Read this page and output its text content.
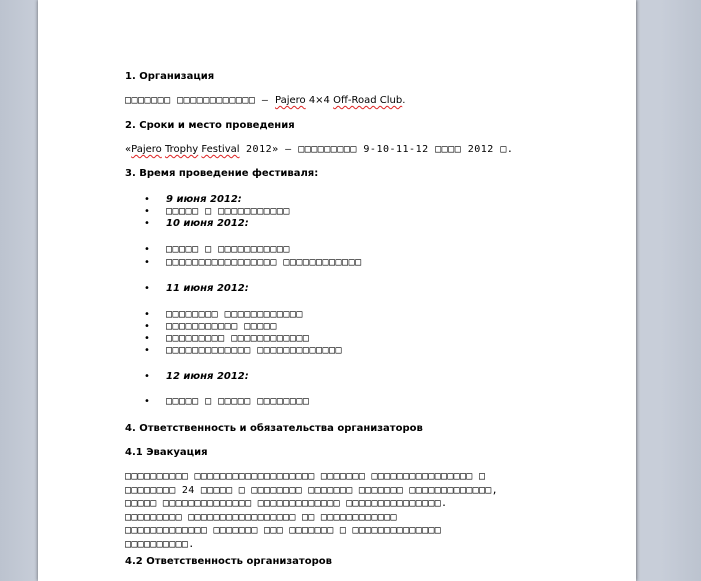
1. Организация
□□□□□□□ □□□□□□□□□□□□ – Pajero 4×4 Off-Road Club.
2. Сроки и место проведения
«Pajero Trophy Festival 2012» – □□□□□□□□□ 9-10-11-12 □□□□ 2012 □.
3. Время проведение фестиваля:
• 9 июня 2012:
• □□□□□ □ □□□□□□□□□□□
• 10 июня 2012:
• □□□□□ □ □□□□□□□□□□□
• □□□□□□□□□□□□□□□□□ □□□□□□□□□□□□
• 11 июня 2012:
• □□□□□□□□ □□□□□□□□□□□□
• □□□□□□□□□□□ □□□□□
• □□□□□□□□□ □□□□□□□□□□□□
• □□□□□□□□□□□□□ □□□□□□□□□□□□□
• 12 июня 2012:
• □□□□□ □ □□□□□ □□□□□□□□
4. Ответственность и обязательства организаторов
4.1 Эвакуация
□□□□□□□□□□ □□□□□□□□□□□□□□□□□□□ □□□□□□□ □□□□□□□□□□□□□□□□ □
□□□□□□□□ 24 □□□□□ □ □□□□□□□□ □□□□□□□ □□□□□□□ □□□□□□□□□□□□□,
□□□□□ □□□□□□□□□□□□□□ □□□□□□□□□□□□□ □□□□□□□□□□□□□□□.
□□□□□□□□□ □□□□□□□□□□□□□□□□□ □□ □□□□□□□□□□□□
□□□□□□□□□□□□□ □□□□□□□ □□□ □□□□□□□ □ □□□□□□□□□□□□□□
□□□□□□□□□□.
4.2 Ответственность организаторов
